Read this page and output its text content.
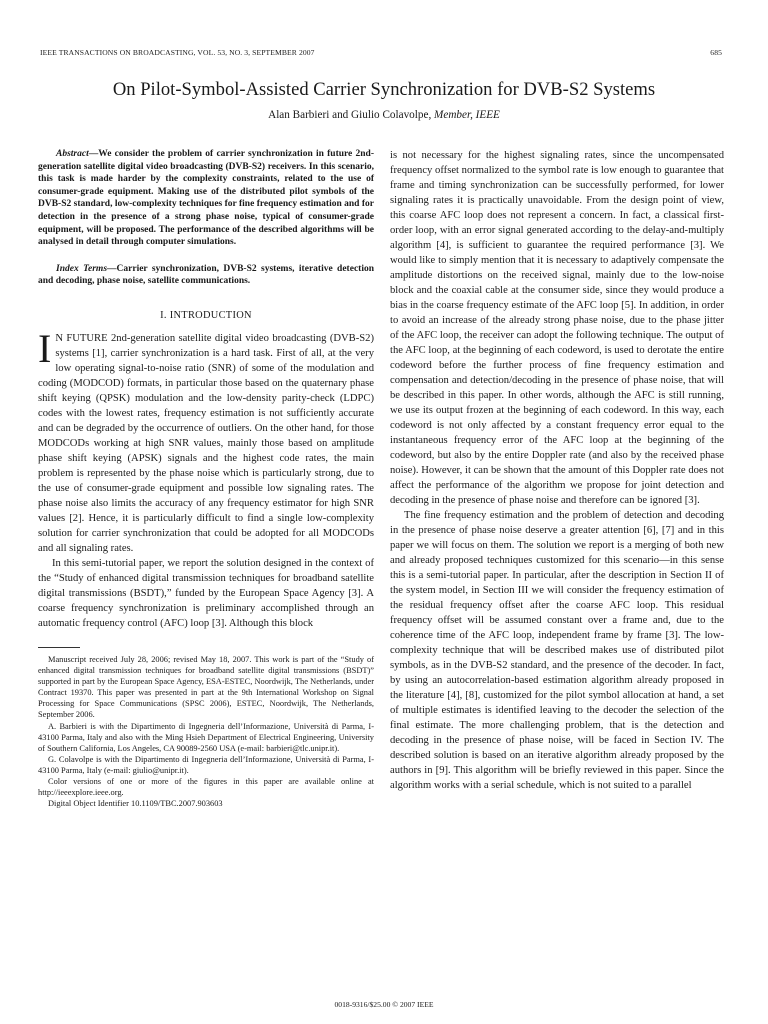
IEEE TRANSACTIONS ON BROADCASTING, VOL. 53, NO. 3, SEPTEMBER 2007	685
On Pilot-Symbol-Assisted Carrier Synchronization for DVB-S2 Systems
Alan Barbieri and Giulio Colavolpe, Member, IEEE

Abstract—We consider the problem of carrier synchronization in future 2nd-generation satellite digital video broadcasting (DVB-S2) receivers. In this scenario, this task is made harder by the complexity constraints, related to the use of consumer-grade equipment. Making use of the distributed pilot symbols of the DVB-S2 standard, low-complexity techniques for fine frequency estimation and for detection in the presence of a strong phase noise, typical of consumer-grade equipment, will be proposed. The performance of the described algorithms will be analysed in detail through computer simulations.

Index Terms—Carrier synchronization, DVB-S2 systems, iterative detection and decoding, phase noise, satellite communications.

I. INTRODUCTION

I N FUTURE 2nd-generation satellite digital video broadcasting (DVB-S2) systems [1], carrier synchronization is a hard task. First of all, at the very low operating signal-to-noise ratio (SNR) of some of the modulation and coding (MODCOD) formats, in particular those based on the quaternary phase shift keying (QPSK) modulation and the low-density parity-check (LDPC) codes with the lowest rates, frequency estimation is not sufficiently accurate and can be degraded by the occurrence of outliers. On the other hand, for those MODCODs working at high SNR values, mainly those based on amplitude phase shift keying (APSK) signals and the highest code rates, the main problem is represented by the phase noise which is particularly strong, due to the use of consumer-grade equipment and possible low signaling rates. The phase noise also limits the accuracy of any frequency estimator for high SNR values [2]. Hence, it is particularly difficult to find a single low-complexity solution for carrier synchronization that could be adopted for all MODCODs and all signaling rates.

In this semi-tutorial paper, we report the solution designed in the context of the “Study of enhanced digital transmission techniques for broadband satellite digital transmissions (BSDT),” funded by the European Space Agency [3]. A coarse frequency synchronization is preliminary accomplished through an automatic frequency control (AFC) loop [3]. Although this block

Manuscript received July 28, 2006; revised May 18, 2007. This work is part of the “Study of enhanced digital transmission techniques for broadband satellite digital transmissions (BSDT)” supported in part by the European Space Agency, ESA-ESTEC, Noordwijk, The Netherlands, under Contract 19370. This paper was presented in part at the 9th International Workshop on Signal Processing for Space Communications (SPSC 2006), ESTEC, Noordwijk, The Netherlands, September 2006.

A. Barbieri is with the Dipartimento di Ingegneria dell’Informazione, Università di Parma, I-43100 Parma, Italy and also with the Ming Hsieh Department of Electrical Engineering, University of Southern California, Los Angeles, CA 90089-2560 USA (e-mail: barbieri@tlc.unipr.it).

G. Colavolpe is with the Dipartimento di Ingegneria dell’Informazione, Università di Parma, I-43100 Parma, Italy (e-mail: giulio@unipr.it).

Color versions of one or more of the figures in this paper are available online at http://ieeexplore.ieee.org.

Digital Object Identifier 10.1109/TBC.2007.903603

is not necessary for the highest signaling rates, since the uncompensated frequency offset normalized to the symbol rate is low enough to guarantee that frame and timing synchronization can be successfully performed, for lower signaling rates it is practically unavoidable. From the design point of view, this coarse AFC loop does not represent a concern. In fact, a classical first-order loop, with an error signal generated according to the delay-and-multiply algorithm [4], is sufficient to guarantee the required performance [3]. We would like to simply mention that it is necessary to adaptively compensate the amplitude distortions on the received signal, mainly due to the low-noise block and the coaxial cable at the consumer side, since they would produce a bias in the coarse frequency estimate of the AFC loop [5]. In addition, in order to avoid an increase of the already strong phase noise, due to the phase jitter of the AFC loop, the receiver can adopt the following technique. The output of the AFC loop, at the beginning of each codeword, is used to derotate the entire codeword before the further process of fine frequency estimation and compensation and detection/decoding in the presence of phase noise, that will be described in this paper. In other words, although the AFC is still running, we use its output frozen at the beginning of each codeword. In this way, each codeword is not only affected by a constant frequency error equal to the instantaneous frequency error of the AFC loop at the beginning of the codeword, but also by the entire Doppler rate (and also by the received phase noise). However, it can be shown that the amount of this Doppler rate does not affect the performance of the algorithm we propose for joint detection and decoding in the presence of phase noise and therefore can be ignored [3].

The fine frequency estimation and the problem of detection and decoding in the presence of phase noise deserve a greater attention [6], [7] and in this paper we will focus on them. The solution we report is a merging of both new and already proposed techniques customized for this scenario—in this sense this is a semi-tutorial paper. In particular, after the description in Section II of the system model, in Section III we will consider the frequency estimation of the residual frequency offset after the coarse AFC loop. This residual frequency offset will be assumed constant over a frame and, due to the coherence time of the AFC loop, independent frame by frame [3]. The low-complexity technique that will be described makes use of distributed pilot symbols, as in the DVB-S2 standard, and the presence of the decoder. In fact, by using an autocorrelation-based estimation algorithm already proposed in the literature [4], [8], customized for the pilot symbol allocation at hand, a set of multiple estimates is identified leaving to the decoder the selection of the final estimate. The more challenging problem, that is the detection and decoding in the presence of phase noise, will be faced in Section IV. The described solution is based on an iterative algorithm already proposed by the authors in [9]. This algorithm will be briefly reviewed in this paper. Since the algorithm works with a serial schedule, which is not suited to a parallel

0018-9316/$25.00 © 2007 IEEE
